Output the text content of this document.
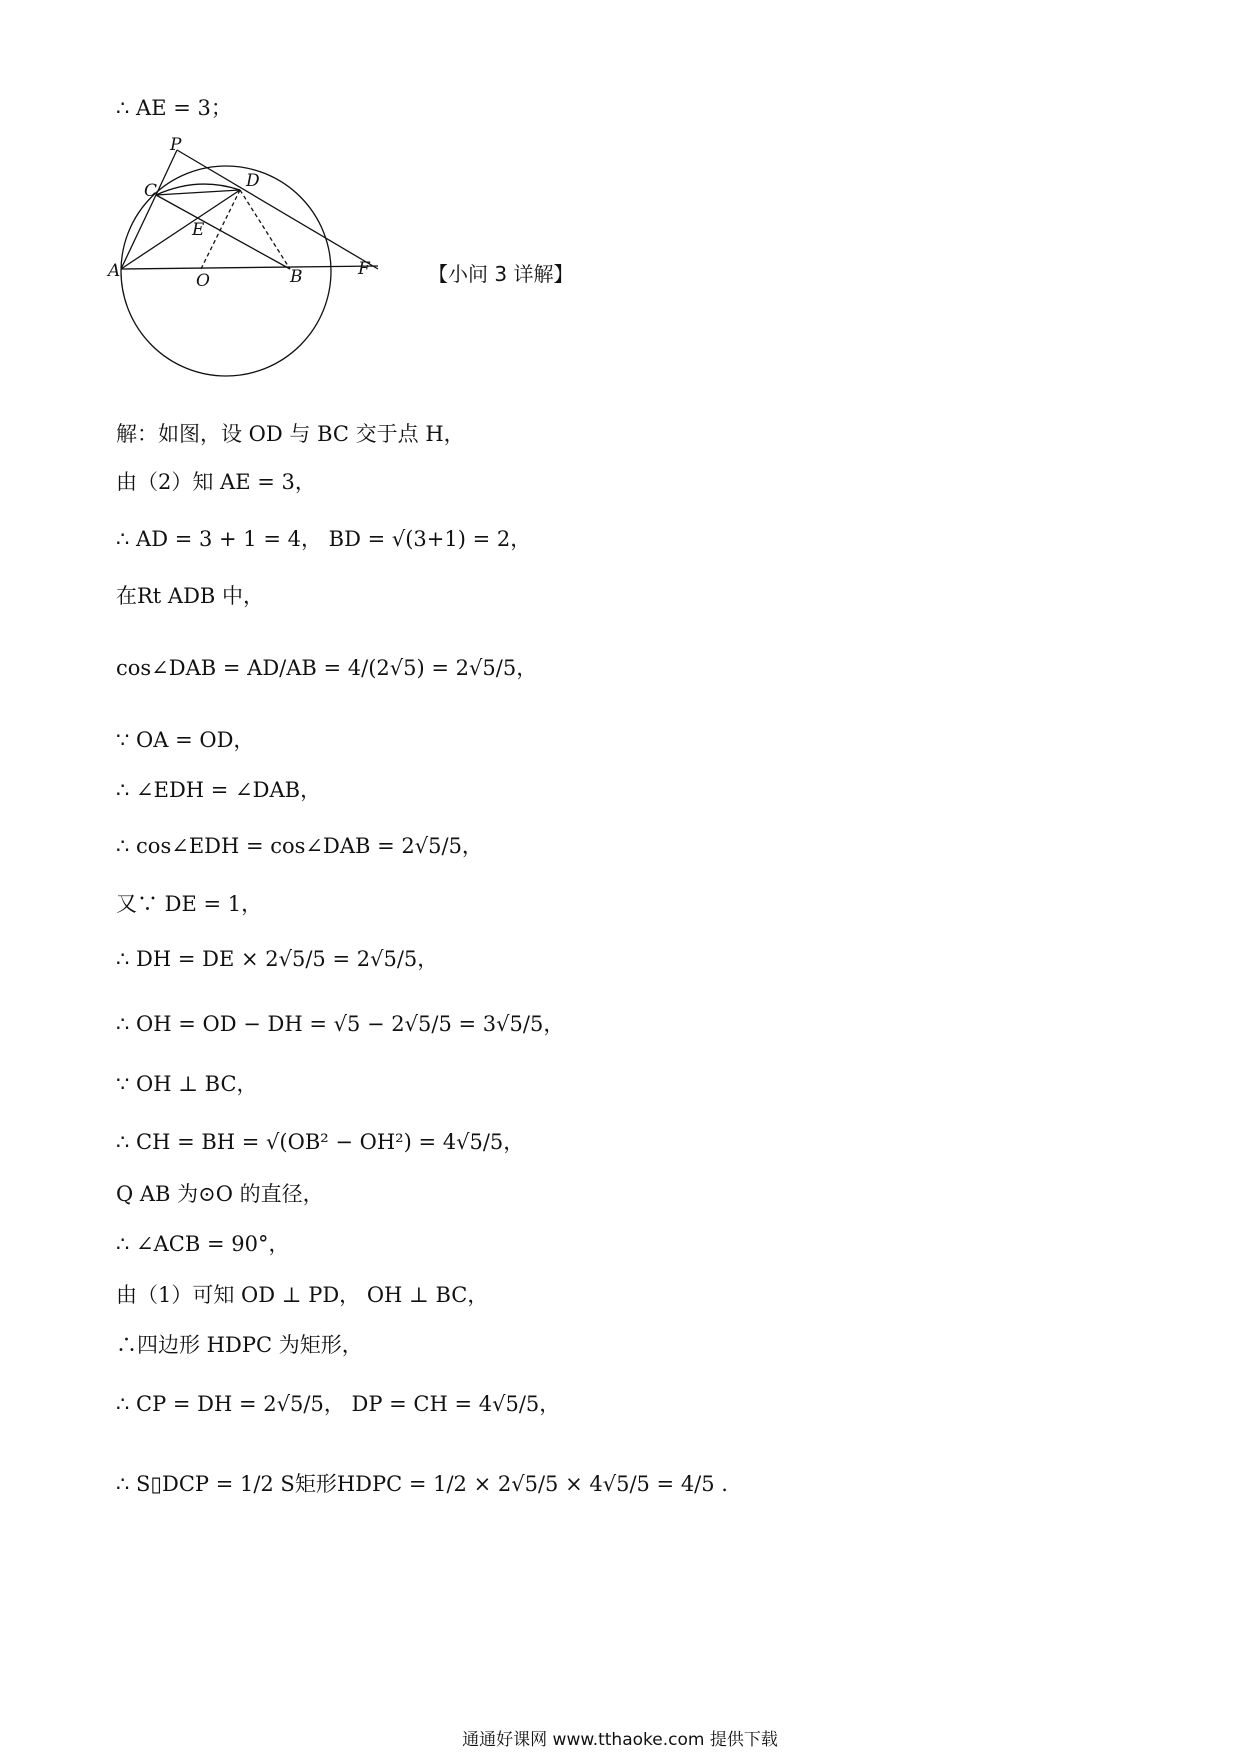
∴ AE = 3；
P
C	D
E
A	O	B	F	【小问 3 详解】
解：如图，设 OD 与 BC 交于点 H，
由（2）知 AE = 3，
∴ AD = 3 + 1 = 4， BD = √(3+1) = 2，
在Rt ADB 中，
cos∠DAB = AD/AB = 4/(2√5) = 2√5/5，
∵ OA = OD，
∴ ∠EDH = ∠DAB，
∴ cos∠EDH = cos∠DAB = 2√5/5，
又∵ DE = 1，
∴ DH = DE × 2√5/5 = 2√5/5，
∴ OH = OD − DH = √5 − 2√5/5 = 3√5/5，
∵ OH ⊥ BC，
∴ CH = BH = √(OB² − OH²) = 4√5/5，
Q AB 为⊙O 的直径，
∴ ∠ACB = 90°，
由（1）可知 OD ⊥ PD， OH ⊥ BC，
∴四边形 HDPC 为矩形，
∴ CP = DH = 2√5/5， DP = CH = 4√5/5，
∴ S▯DCP = 1/2 S矩形HDPC = 1/2 × 2√5/5 × 4√5/5 = 4/5 .
通通好课网 www.tthaoke.com 提供下载
